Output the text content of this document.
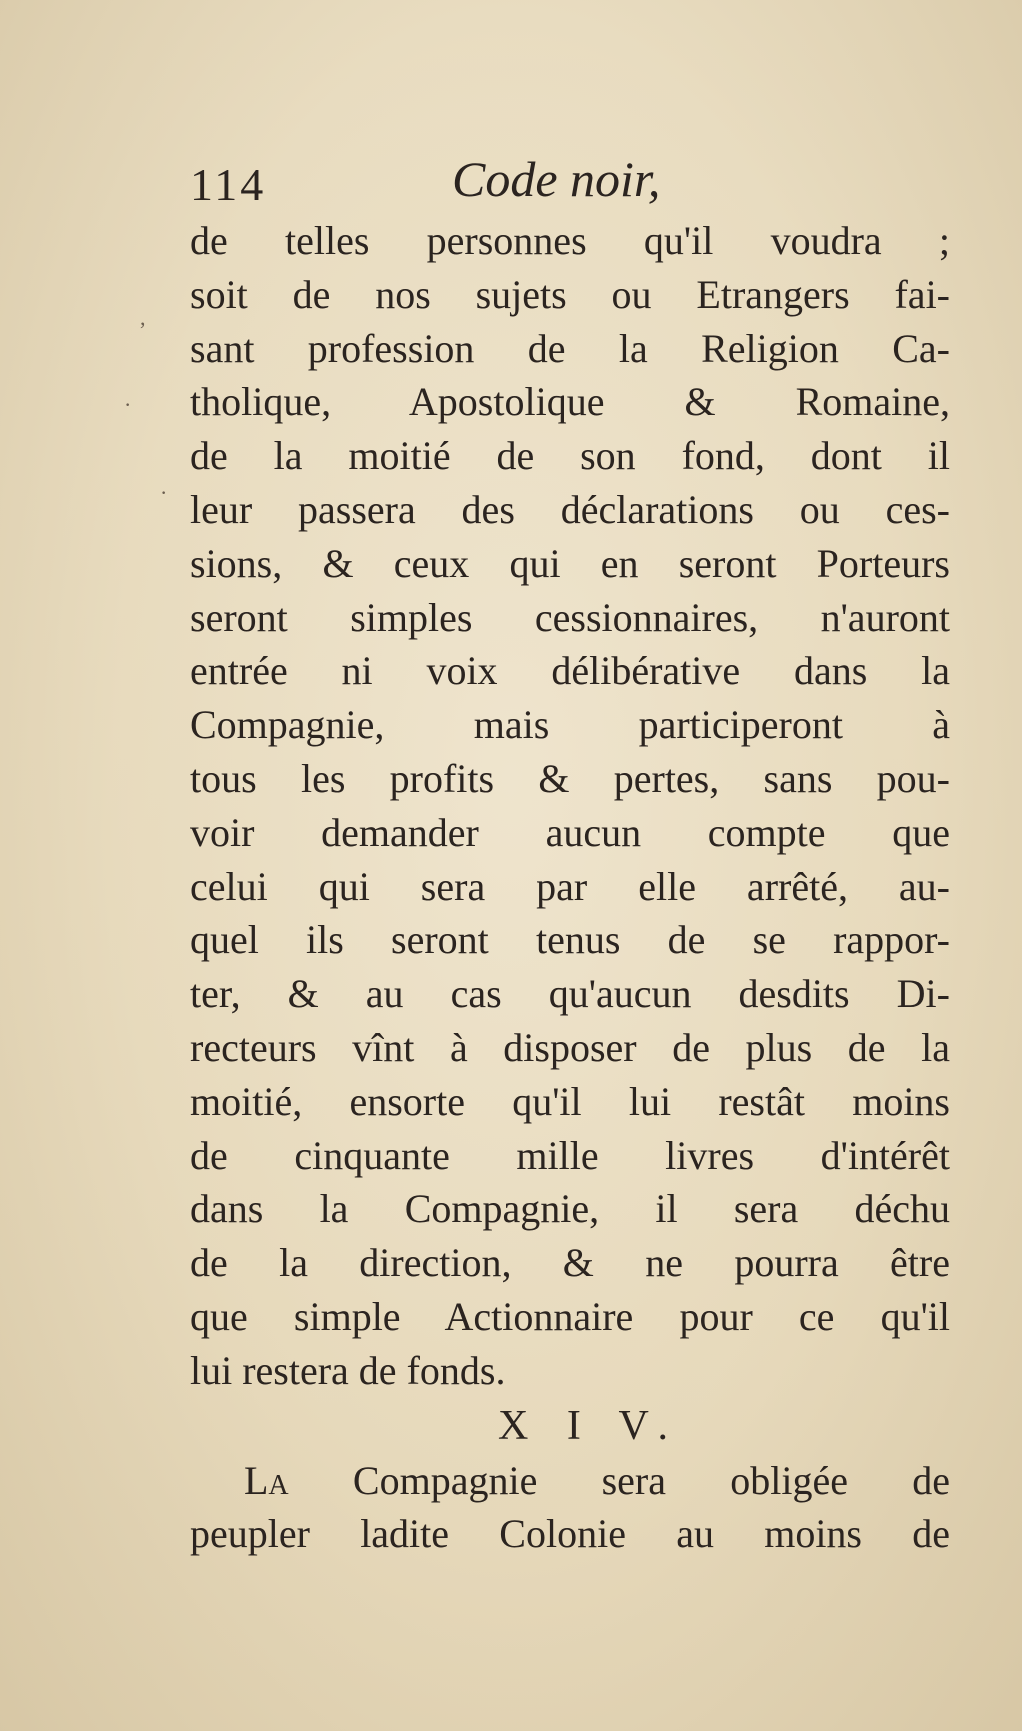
,
·
·
114	Code noir,
de telles personnes qu'il voudra ;
soit de nos sujets ou Etrangers fai-
sant profession de la Religion Ca-
tholique, Apostolique & Romaine,
de la moitié de son fond, dont il
leur passera des déclarations ou ces-
sions, & ceux qui en seront Porteurs
seront simples cessionnaires, n'auront
entrée ni voix délibérative dans la
Compagnie, mais participeront à
tous les profits & pertes, sans pou-
voir demander aucun compte que
celui qui sera par elle arrêté, au-
quel ils seront tenus de se rappor-
ter, & au cas qu'aucun desdits Di-
recteurs vînt à disposer de plus de la
moitié, ensorte qu'il lui restât moins
de cinquante mille livres d'intérêt
dans la Compagnie, il sera déchu
de la direction, & ne pourra être
que simple Actionnaire pour ce qu'il
lui restera de fonds.
X I V.
La Compagnie sera obligée de
peupler ladite Colonie au moins de
